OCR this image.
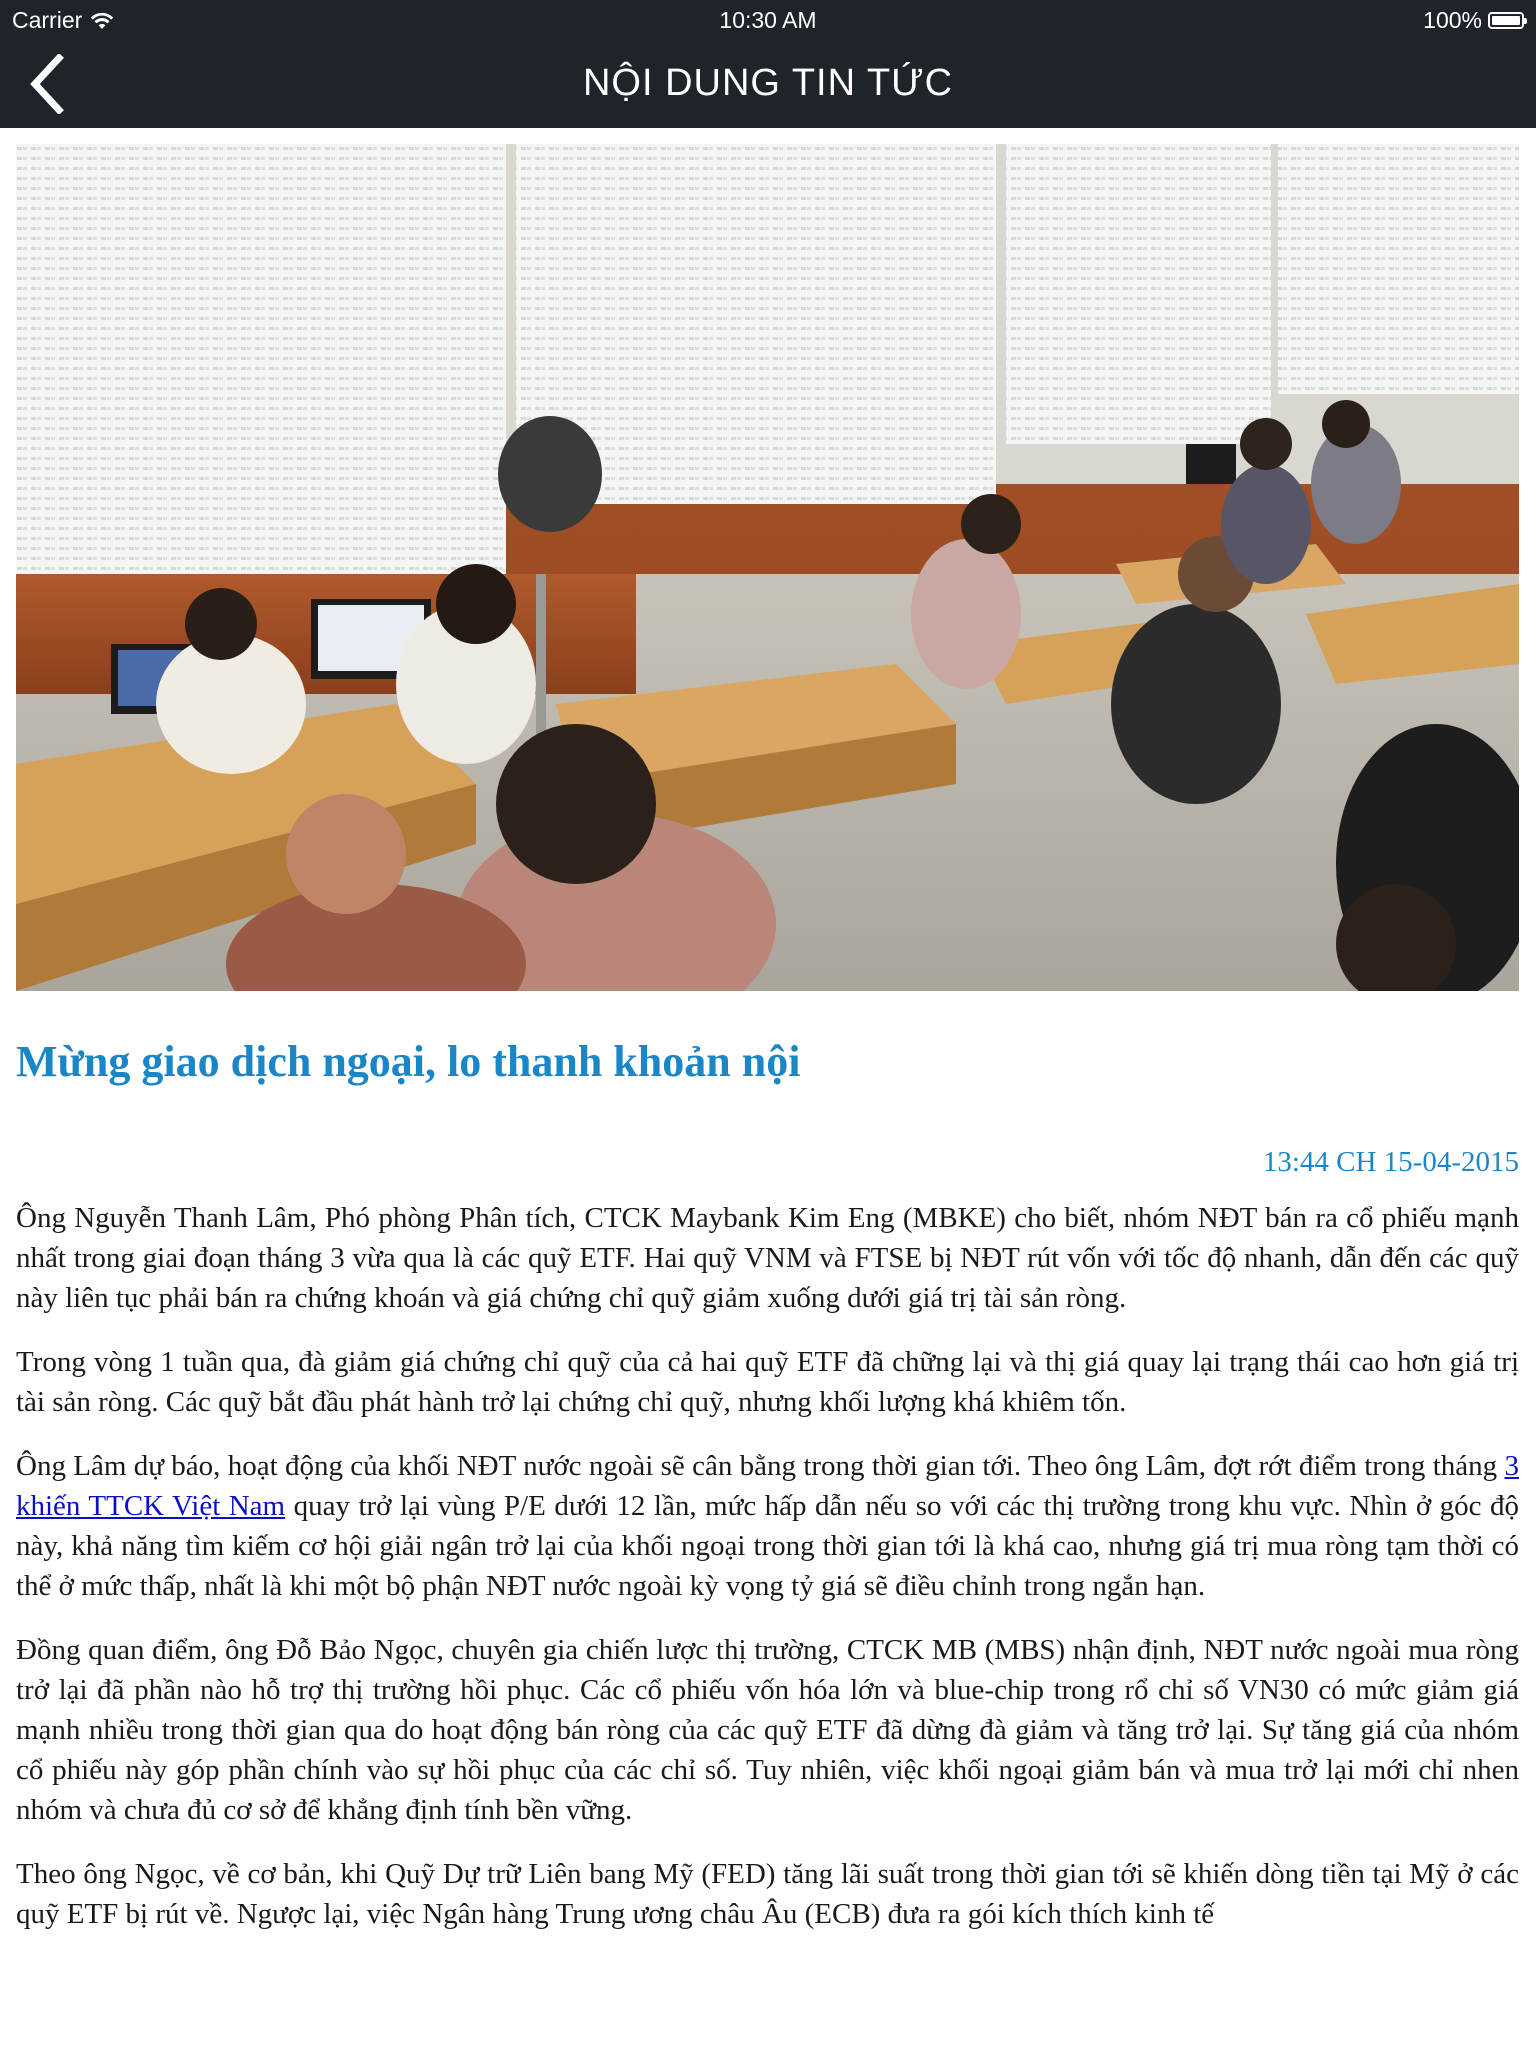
Carrier	10:30 AM	100%
NỘI DUNG TIN TỨC
Mừng giao dịch ngoại, lo thanh khoản nội
13:44 CH 15-04-2015

Ông Nguyễn Thanh Lâm, Phó phòng Phân tích, CTCK Maybank Kim Eng (MBKE) cho biết, nhóm NĐT bán ra cổ phiếu mạnh nhất trong giai đoạn tháng 3 vừa qua là các quỹ ETF. Hai quỹ VNM và FTSE bị NĐT rút vốn với tốc độ nhanh, dẫn đến các quỹ này liên tục phải bán ra chứng khoán và giá chứng chỉ quỹ giảm xuống dưới giá trị tài sản ròng.

Trong vòng 1 tuần qua, đà giảm giá chứng chỉ quỹ của cả hai quỹ ETF đã chững lại và thị giá quay lại trạng thái cao hơn giá trị tài sản ròng. Các quỹ bắt đầu phát hành trở lại chứng chỉ quỹ, nhưng khối lượng khá khiêm tốn.

Ông Lâm dự báo, hoạt động của khối NĐT nước ngoài sẽ cân bằng trong thời gian tới. Theo ông Lâm, đợt rớt điểm trong tháng 3 khiến TTCK Việt Nam quay trở lại vùng P/E dưới 12 lần, mức hấp dẫn nếu so với các thị trường trong khu vực. Nhìn ở góc độ này, khả năng tìm kiếm cơ hội giải ngân trở lại của khối ngoại trong thời gian tới là khá cao, nhưng giá trị mua ròng tạm thời có thể ở mức thấp, nhất là khi một bộ phận NĐT nước ngoài kỳ vọng tỷ giá sẽ điều chỉnh trong ngắn hạn.

Đồng quan điểm, ông Đỗ Bảo Ngọc, chuyên gia chiến lược thị trường, CTCK MB (MBS) nhận định, NĐT nước ngoài mua ròng trở lại đã phần nào hỗ trợ thị trường hồi phục. Các cổ phiếu vốn hóa lớn và blue-chip trong rổ chỉ số VN30 có mức giảm giá mạnh nhiều trong thời gian qua do hoạt động bán ròng của các quỹ ETF đã dừng đà giảm và tăng trở lại. Sự tăng giá của nhóm cổ phiếu này góp phần chính vào sự hồi phục của các chỉ số. Tuy nhiên, việc khối ngoại giảm bán và mua trở lại mới chỉ nhen nhóm và chưa đủ cơ sở để khẳng định tính bền vững.

Theo ông Ngọc, về cơ bản, khi Quỹ Dự trữ Liên bang Mỹ (FED) tăng lãi suất trong thời gian tới sẽ khiến dòng tiền tại Mỹ ở các quỹ ETF bị rút về. Ngược lại, việc Ngân hàng Trung ương châu Âu (ECB) đưa ra gói kích thích kinh tế
